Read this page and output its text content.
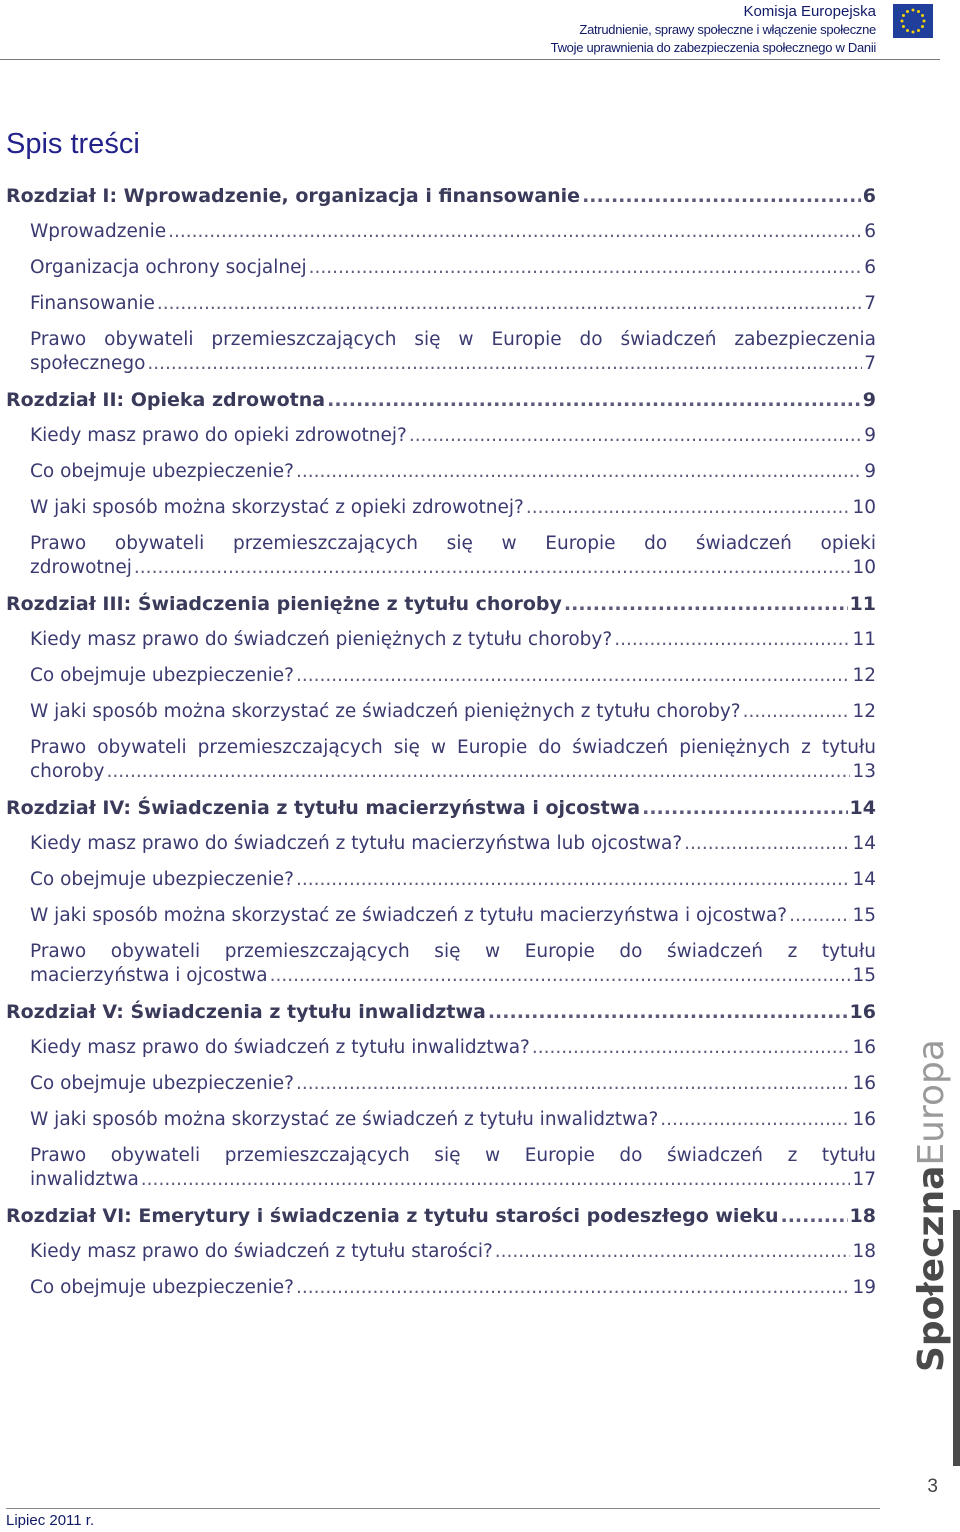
Komisja Europejska
Zatrudnienie, sprawy społeczne i włączenie społeczne
Twoje uprawnienia do zabezpieczenia społecznego w Danii
Spis treści
Rozdział I: Wprowadzenie, organizacja i finansowanie .....	6
Wprowadzenie .....	6
Organizacja ochrony socjalnej .....	6
Finansowanie .....	7
Prawo obywateli przemieszczających się w Europie do świadczeń zabezpieczenia
społecznego .....	7
Rozdział II: Opieka zdrowotna .....	9
Kiedy masz prawo do opieki zdrowotnej? .....	9
Co obejmuje ubezpieczenie? .....	9
W jaki sposób można skorzystać z opieki zdrowotnej? .....	10
Prawo obywateli przemieszczających się w Europie do świadczeń opieki
zdrowotnej .....	10
Rozdział III: Świadczenia pieniężne z tytułu choroby .....	11
Kiedy masz prawo do świadczeń pieniężnych z tytułu choroby? .....	11
Co obejmuje ubezpieczenie? .....	12
W jaki sposób można skorzystać ze świadczeń pieniężnych z tytułu choroby? .....	12
Prawo obywateli przemieszczających się w Europie do świadczeń pieniężnych z tytułu
choroby .....	13
Rozdział IV: Świadczenia z tytułu macierzyństwa i ojcostwa .....	14
Kiedy masz prawo do świadczeń z tytułu macierzyństwa lub ojcostwa? .....	14
Co obejmuje ubezpieczenie? .....	14
W jaki sposób można skorzystać ze świadczeń z tytułu macierzyństwa i ojcostwa? .....	15
Prawo obywateli przemieszczających się w Europie do świadczeń z tytułu
macierzyństwa i ojcostwa .....	15
Rozdział V: Świadczenia z tytułu inwalidztwa .....	16
Kiedy masz prawo do świadczeń z tytułu inwalidztwa? .....	16
Co obejmuje ubezpieczenie? .....	16
W jaki sposób można skorzystać ze świadczeń z tytułu inwalidztwa? .....	16
Prawo obywateli przemieszczających się w Europie do świadczeń z tytułu
inwalidztwa .....	17
Rozdział VI: Emerytury i świadczenia z tytułu starości podeszłego wieku .....	18
Kiedy masz prawo do świadczeń z tytułu starości? .....	18
Co obejmuje ubezpieczenie? .....	19 SpołecznaEuropa
3
Lipiec 2011 r.
